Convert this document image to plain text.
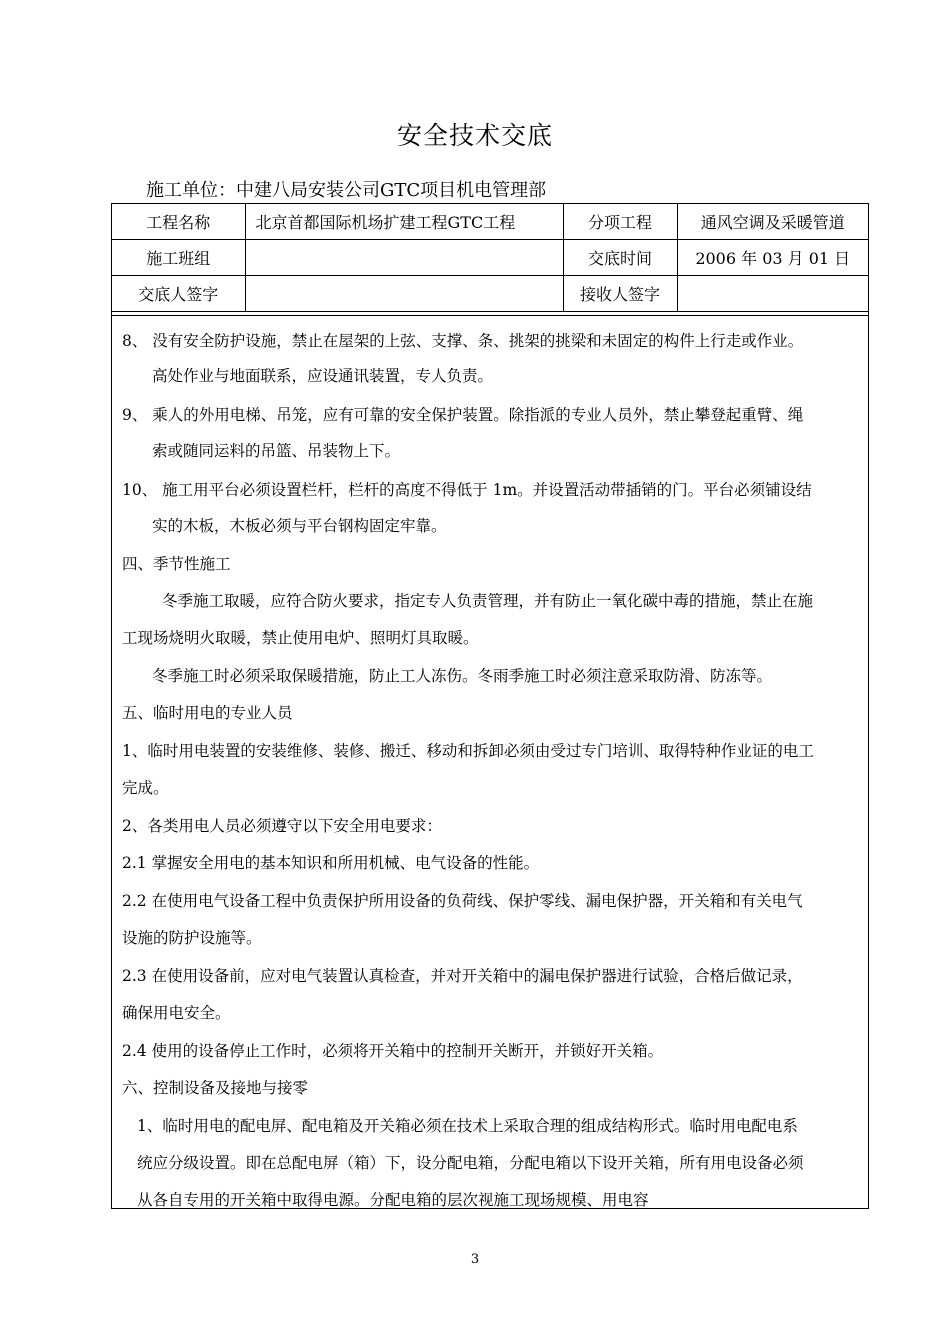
安全技术交底
施工单位：中建八局安装公司GTC项目机电管理部
工程名称	北京首都国际机场扩建工程GTC工程	分项工程	通风空调及采暖管道
施工班组		交底时间	2006 年 03 月 01 日
交底人签字		接收人签字	
8、 没有安全防护设施，禁止在屋架的上弦、支撑、条、挑架的挑梁和未固定的构件上行走或作业。
高处作业与地面联系，应设通讯装置，专人负责。
9、 乘人的外用电梯、吊笼，应有可靠的安全保护装置。除指派的专业人员外，禁止攀登起重臂、绳
索或随同运料的吊篮、吊装物上下。
10、 施工用平台必须设置栏杆，栏杆的高度不得低于 1m。并设置活动带插销的门。平台必须铺设结
实的木板，木板必须与平台钢构固定牢靠。
四、季节性施工
冬季施工取暖，应符合防火要求，指定专人负责管理，并有防止一氧化碳中毒的措施，禁止在施
工现场烧明火取暖，禁止使用电炉、照明灯具取暖。
冬季施工时必须采取保暖措施，防止工人冻伤。冬雨季施工时必须注意采取防滑、防冻等。
五、临时用电的专业人员
1、临时用电装置的安装维修、装修、搬迁、移动和拆卸必须由受过专门培训、取得特种作业证的电工
完成。
2、各类用电人员必须遵守以下安全用电要求：
2.1 掌握安全用电的基本知识和所用机械、电气设备的性能。
2.2 在使用电气设备工程中负责保护所用设备的负荷线、保护零线、漏电保护器，开关箱和有关电气
设施的防护设施等。
2.3 在使用设备前，应对电气装置认真检查，并对开关箱中的漏电保护器进行试验，合格后做记录，
确保用电安全。
2.4 使用的设备停止工作时，必须将开关箱中的控制开关断开，并锁好开关箱。
六、控制设备及接地与接零
1、临时用电的配电屏、配电箱及开关箱必须在技术上采取合理的组成结构形式。临时用电配电系
统应分级设置。即在总配电屏（箱）下，设分配电箱，分配电箱以下设开关箱，所有用电设备必须
从各自专用的开关箱中取得电源。分配电箱的层次视施工现场规模、用电容
3
